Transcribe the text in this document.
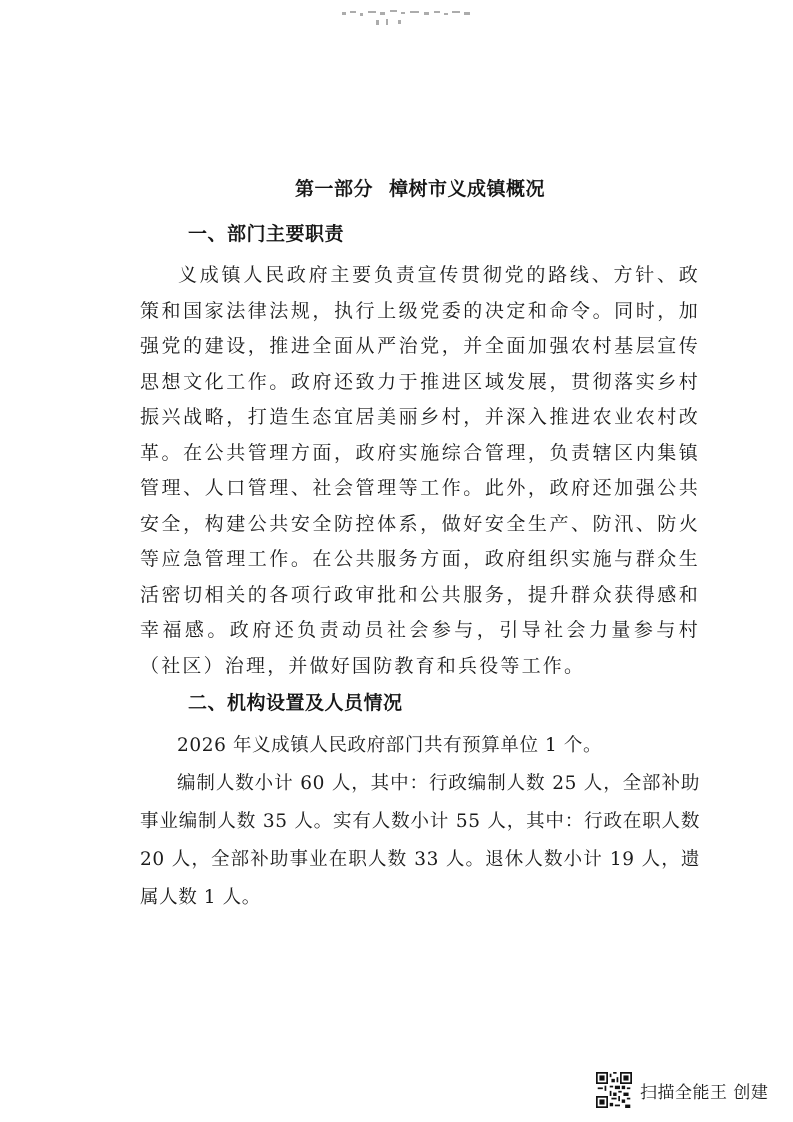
第一部分 樟树市义成镇概况
一、部门主要职责

义成镇人民政府主要负责宣传贯彻党的路线、方针、政策和国家法律法规，执行上级党委的决定和命令。同时，加强党的建设，推进全面从严治党，并全面加强农村基层宣传思想文化工作。政府还致力于推进区域发展，贯彻落实乡村振兴战略，打造生态宜居美丽乡村，并深入推进农业农村改革。在公共管理方面，政府实施综合管理，负责辖区内集镇管理、人口管理、社会管理等工作。此外，政府还加强公共安全，构建公共安全防控体系，做好安全生产、防汛、防火等应急管理工作。在公共服务方面，政府组织实施与群众生活密切相关的各项行政审批和公共服务，提升群众获得感和幸福感。政府还负责动员社会参与，引导社会力量参与村（社区）治理，并做好国防教育和兵役等工作。

二、机构设置及人员情况

2026 年义成镇人民政府部门共有预算单位 1 个。

编制人数小计 60 人，其中：行政编制人数 25 人，全部补助事业编制人数 35 人。实有人数小计 55 人，其中：行政在职人数 20 人，全部补助事业在职人数 33 人。退休人数小计 19 人，遗属人数 1 人。

扫描全能王 创建
